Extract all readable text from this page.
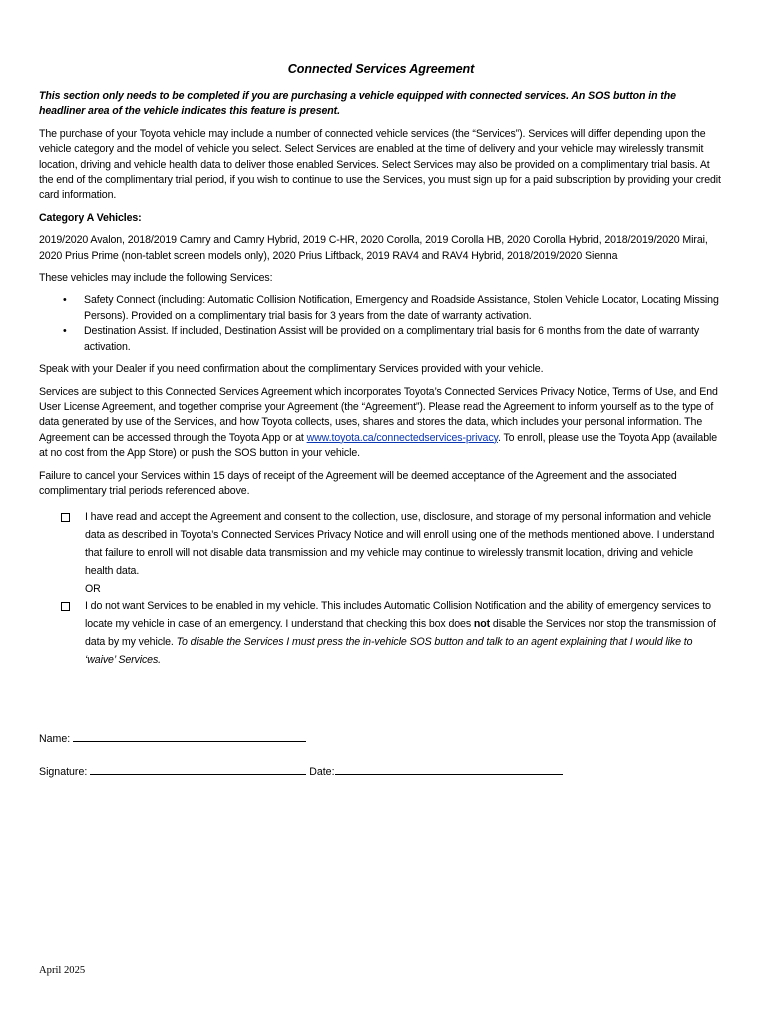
Connected Services Agreement

This section only needs to be completed if you are purchasing a vehicle equipped with connected services. An SOS button in the headliner area of the vehicle indicates this feature is present.

The purchase of your Toyota vehicle may include a number of connected vehicle services (the “Services”). Services will differ depending upon the vehicle category and the model of vehicle you select. Select Services are enabled at the time of delivery and your vehicle may wirelessly transmit location, driving and vehicle health data to deliver those enabled Services. Select Services may also be provided on a complimentary trial basis. At the end of the complimentary trial period, if you wish to continue to use the Services, you must sign up for a paid subscription by providing your credit card information.

Category A Vehicles:

2019/2020 Avalon, 2018/2019 Camry and Camry Hybrid, 2019 C-HR, 2020 Corolla, 2019 Corolla HB, 2020 Corolla Hybrid, 2018/2019/2020 Mirai, 2020 Prius Prime (non-tablet screen models only), 2020 Prius Liftback, 2019 RAV4 and RAV4 Hybrid, 2018/2019/2020 Sienna

These vehicles may include the following Services:

• Safety Connect (including: Automatic Collision Notification, Emergency and Roadside Assistance, Stolen Vehicle Locator, Locating Missing Persons). Provided on a complimentary trial basis for 3 years from the date of warranty activation.
• Destination Assist. If included, Destination Assist will be provided on a complimentary trial basis for 6 months from the date of warranty activation.

Speak with your Dealer if you need confirmation about the complimentary Services provided with your vehicle.

Services are subject to this Connected Services Agreement which incorporates Toyota’s Connected Services Privacy Notice, Terms of Use, and End User License Agreement, and together comprise your Agreement (the “Agreement”). Please read the Agreement to inform yourself as to the type of data generated by use of the Services, and how Toyota collects, uses, shares and stores the data, which includes your personal information. The Agreement can be accessed through the Toyota App or at www.toyota.ca/connectedservices-privacy. To enroll, please use the Toyota App (available at no cost from the App Store) or push the SOS button in your vehicle.

Failure to cancel your Services within 15 days of receipt of the Agreement will be deemed acceptance of the Agreement and the associated complimentary trial periods referenced above.

I have read and accept the Agreement and consent to the collection, use, disclosure, and storage of my personal information and vehicle data as described in Toyota’s Connected Services Privacy Notice and will enroll using one of the methods mentioned above. I understand that failure to enroll will not disable data transmission and my vehicle may continue to wirelessly transmit location, driving and vehicle health data.
OR
I do not want Services to be enabled in my vehicle. This includes Automatic Collision Notification and the ability of emergency services to locate my vehicle in case of an emergency. I understand that checking this box does not disable the Services nor stop the transmission of data by my vehicle. To disable the Services I must press the in-vehicle SOS button and talk to an agent explaining that I would like to ‘waive’ Services.
Name:
Signature:	Date:
April 2025
